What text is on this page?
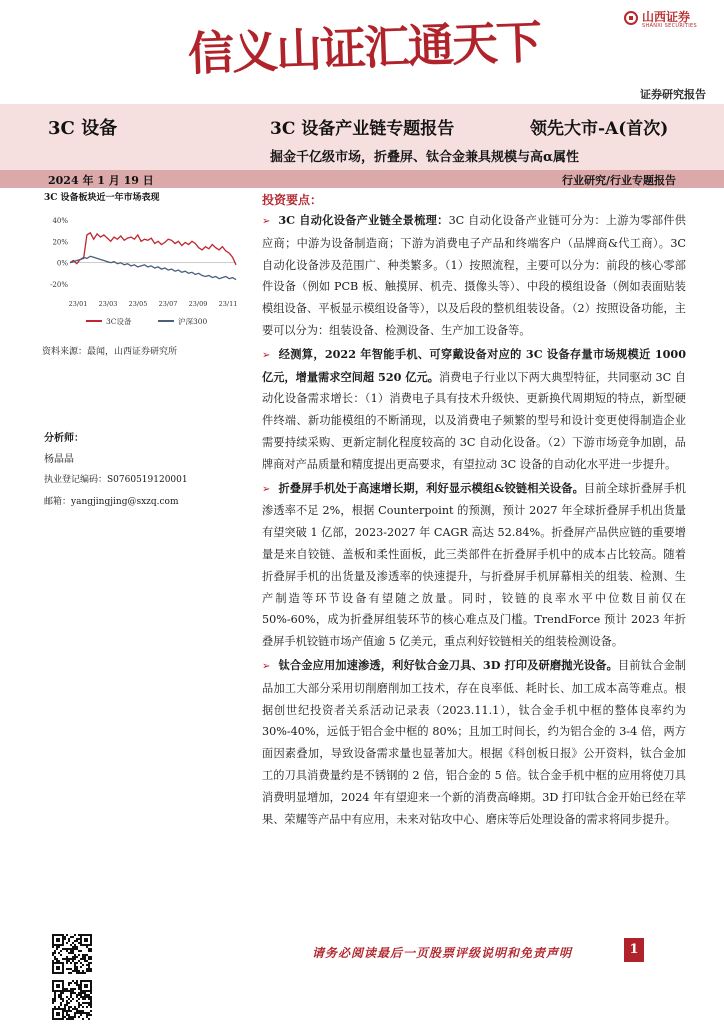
山西证券
SHANXI SECURITIES
信义山证汇通天下
证券研究报告
3C 设备	3C 设备产业链专题报告	领先大市-A(首次)
掘金千亿级市场，折叠屏、钛合金兼具规模与高α属性
2024 年 1 月 19 日	行业研究/行业专题报告
3C 设备板块近一年市场表现
40%
20%
0%
-20%
23/01 23/03 23/05 23/07 23/09 23/11
3C设备	沪深300
资料来源：最闻，山西证券研究所
分析师：
杨晶晶
执业登记编码：S0760519120001
邮箱：yangjingjing@sxzq.com
投资要点：

➢ 3C 自动化设备产业链全景梳理：3C 自动化设备产业链可分为：上游为零部件供应商；中游为设备制造商；下游为消费电子产品和终端客户（品牌商&代工商）。3C 自动化设备涉及范围广、种类繁多。（1）按照流程，主要可以分为：前段的核心零部件设备（例如 PCB 板、触摸屏、机壳、摄像头等）、中段的模组设备（例如表面贴装模组设备、平板显示模组设备等），以及后段的整机组装设备。（2）按照设备功能，主要可以分为：组装设备、检测设备、生产加工设备等。

➢ 经测算，2022 年智能手机、可穿戴设备对应的 3C 设备存量市场规模近 1000 亿元，增量需求空间超 520 亿元。消费电子行业以下两大典型特征，共同驱动 3C 自动化设备需求增长：（1）消费电子具有技术升级快、更新换代周期短的特点，新型硬件终端、新功能模组的不断涌现，以及消费电子频繁的型号和设计变更使得制造企业需要持续采购、更新定制化程度较高的 3C 自动化设备。（2）下游市场竞争加剧，品牌商对产品质量和精度提出更高要求，有望拉动 3C 设备的自动化水平进一步提升。

➢ 折叠屏手机处于高速增长期，利好显示模组&铰链相关设备。目前全球折叠屏手机渗透率不足 2%，根据 Counterpoint 的预测，预计 2027 年全球折叠屏手机出货量有望突破 1 亿部，2023-2027 年 CAGR 高达 52.84%。折叠屏产品供应链的重要增量是来自铰链、盖板和柔性面板，此三类部件在折叠屏手机中的成本占比较高。随着折叠屏手机的出货量及渗透率的快速提升，与折叠屏手机屏幕相关的组装、检测、生产制造等环节设备有望随之放量。同时，铰链的良率水平中位数目前仅在 50%-60%，成为折叠屏组装环节的核心难点及门槛。TrendForce 预计 2023 年折叠屏手机铰链市场产值逾 5 亿美元，重点利好铰链相关的组装检测设备。

➢ 钛合金应用加速渗透，利好钛合金刀具、3D 打印及研磨抛光设备。目前钛合金制品加工大部分采用切削磨削加工技术，存在良率低、耗时长、加工成本高等难点。根据创世纪投资者关系活动记录表（2023.11.1），钛合金手机中框的整体良率约为 30%-40%，远低于铝合金中框的 80%；且加工时间长，约为铝合金的 3-4 倍，两方面因素叠加，导致设备需求量也显著加大。根据《科创板日报》公开资料，钛合金加工的刀具消费量约是不锈钢的 2 倍，铝合金的 5 倍。钛合金手机中框的应用将使刀具消费明显增加，2024 年有望迎来一个新的消费高峰期。3D 打印钛合金开始已经在苹果、荣耀等产品中有应用，未来对钻攻中心、磨床等后处理设备的需求将同步提升。

请务必阅读最后一页股票评级说明和免责声明	1
